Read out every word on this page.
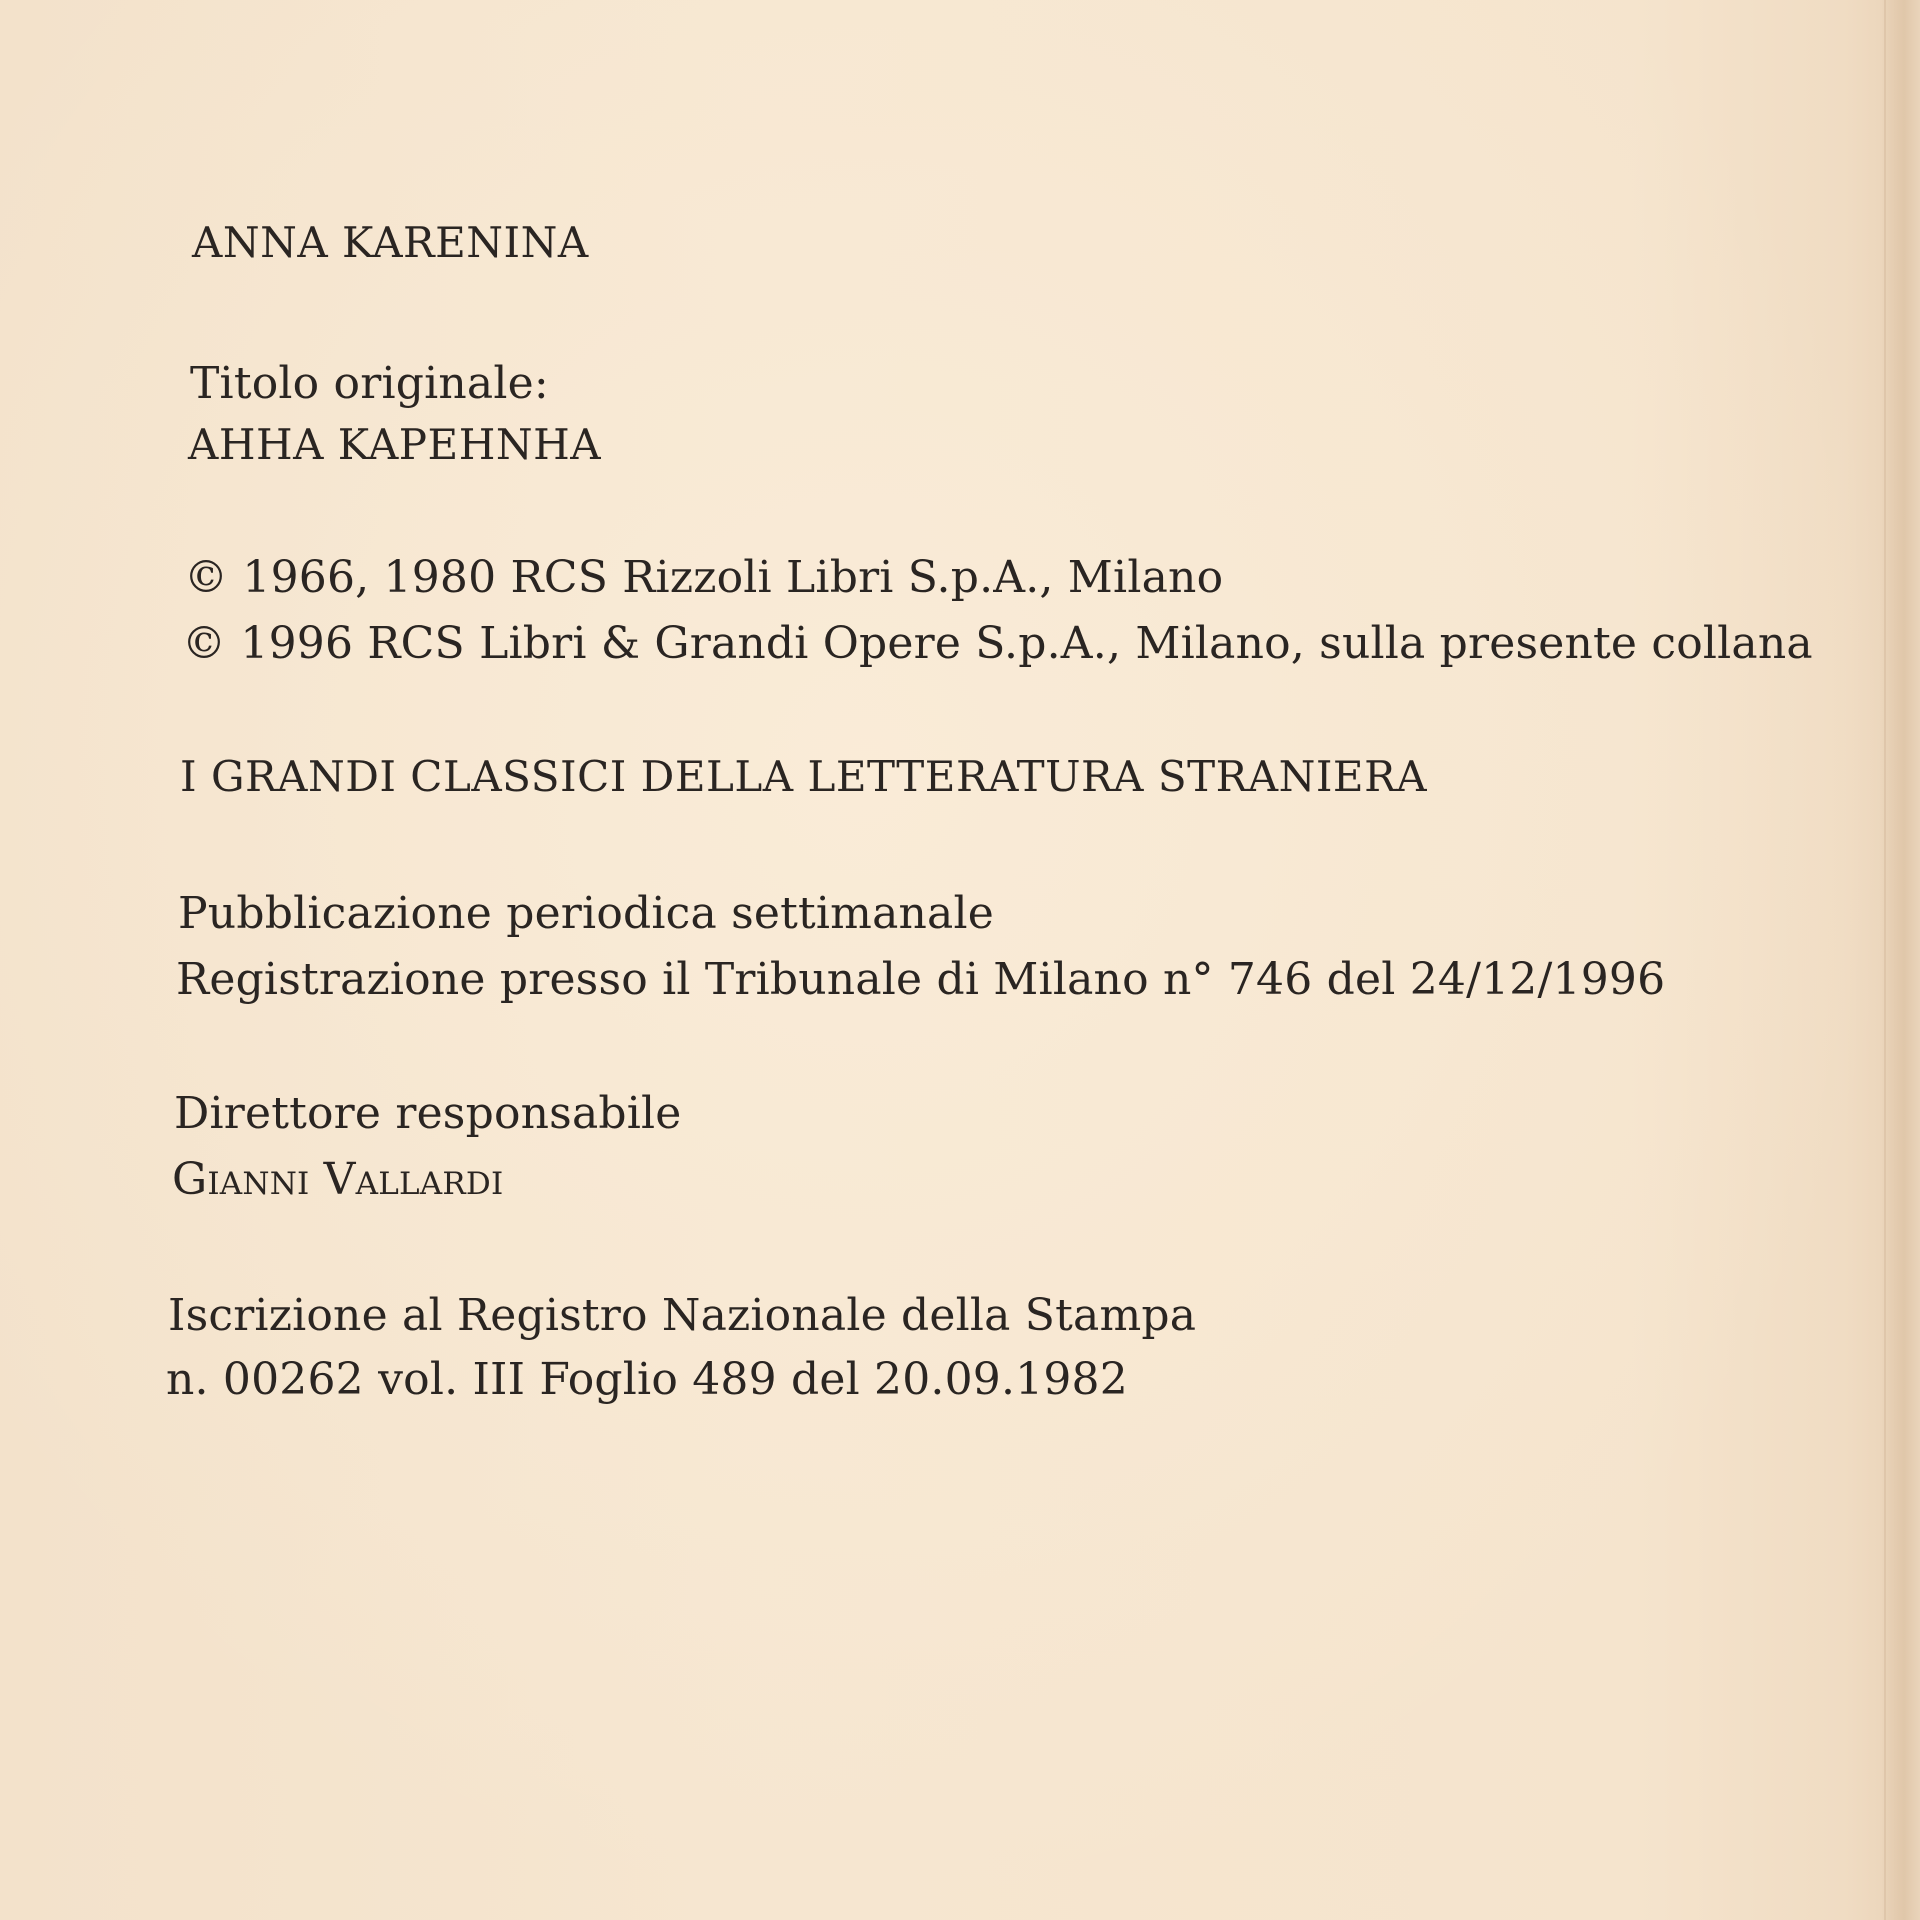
ANNA KARENINA
Titolo originale:
AHHA KAPEHNHA
© 1966, 1980 RCS Rizzoli Libri S.p.A., Milano
© 1996 RCS Libri & Grandi Opere S.p.A., Milano, sulla presente collana
I GRANDI CLASSICI DELLA LETTERATURA STRANIERA
Pubblicazione periodica settimanale
Registrazione presso il Tribunale di Milano n° 746 del 24/12/1996
Direttore responsabile
Gianni Vallardi
Iscrizione al Registro Nazionale della Stampa
n. 00262 vol. III Foglio 489 del 20.09.1982
